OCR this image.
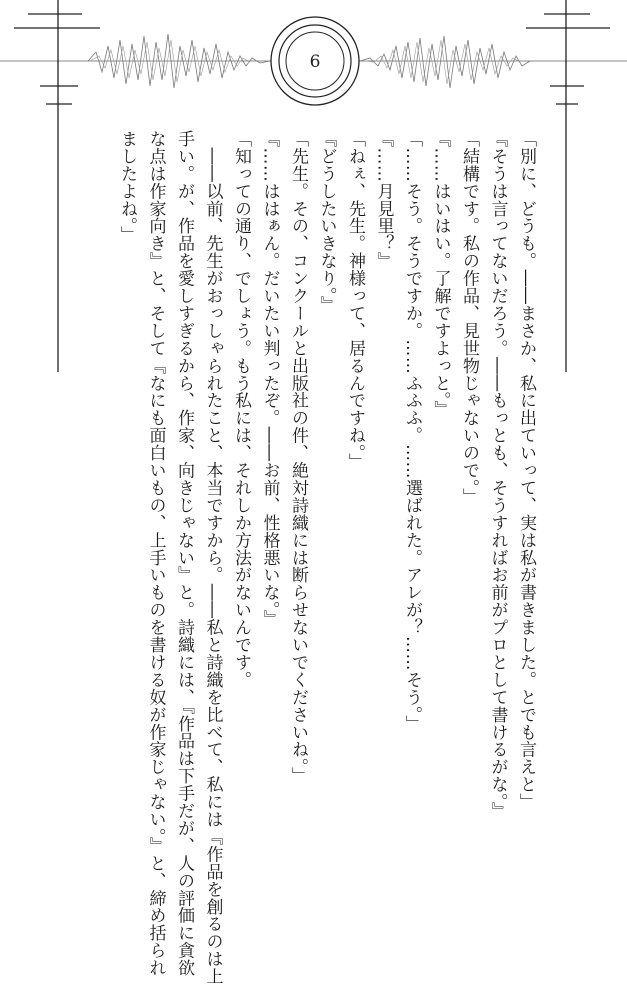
6
「別に、どうも。――まさか、私に出ていって、実は私が書きました。とでも言えと」
『そうは言ってないだろう。――もっとも、そうすればお前がプロとして書けるがな。』
「結構です。私の作品、見世物じゃないので。」
『……はいはい。了解ですよっと。』
「……そう。そうですか。……ふふふ。……選ばれた。アレが？……そう。」
『……月見里？』
「ねぇ、先生。神様って、居るんですね。」
『どうしたいきなり。』
「先生。その、コンクールと出版社の件、絶対詩織には断らせないでくださいね。」
『……ははぁん。だいたい判ったぞ。――お前、性格悪いな。』
「知っての通り、でしょう。もう私には、それしか方法がないんです。
　――以前、先生がおっしゃられたこと、本当ですから。――私と詩織を比べて、私には『作品を創るのは上
手い。が、作品を愛しすぎるから、作家、向きじゃない』と。詩織には、『作品は下手だが、人の評価に貪欲
な点は作家向き』と、そして『なにも面白いもの、上手いものを書ける奴が作家じゃない。』と、締め括られ
ましたよね。」
